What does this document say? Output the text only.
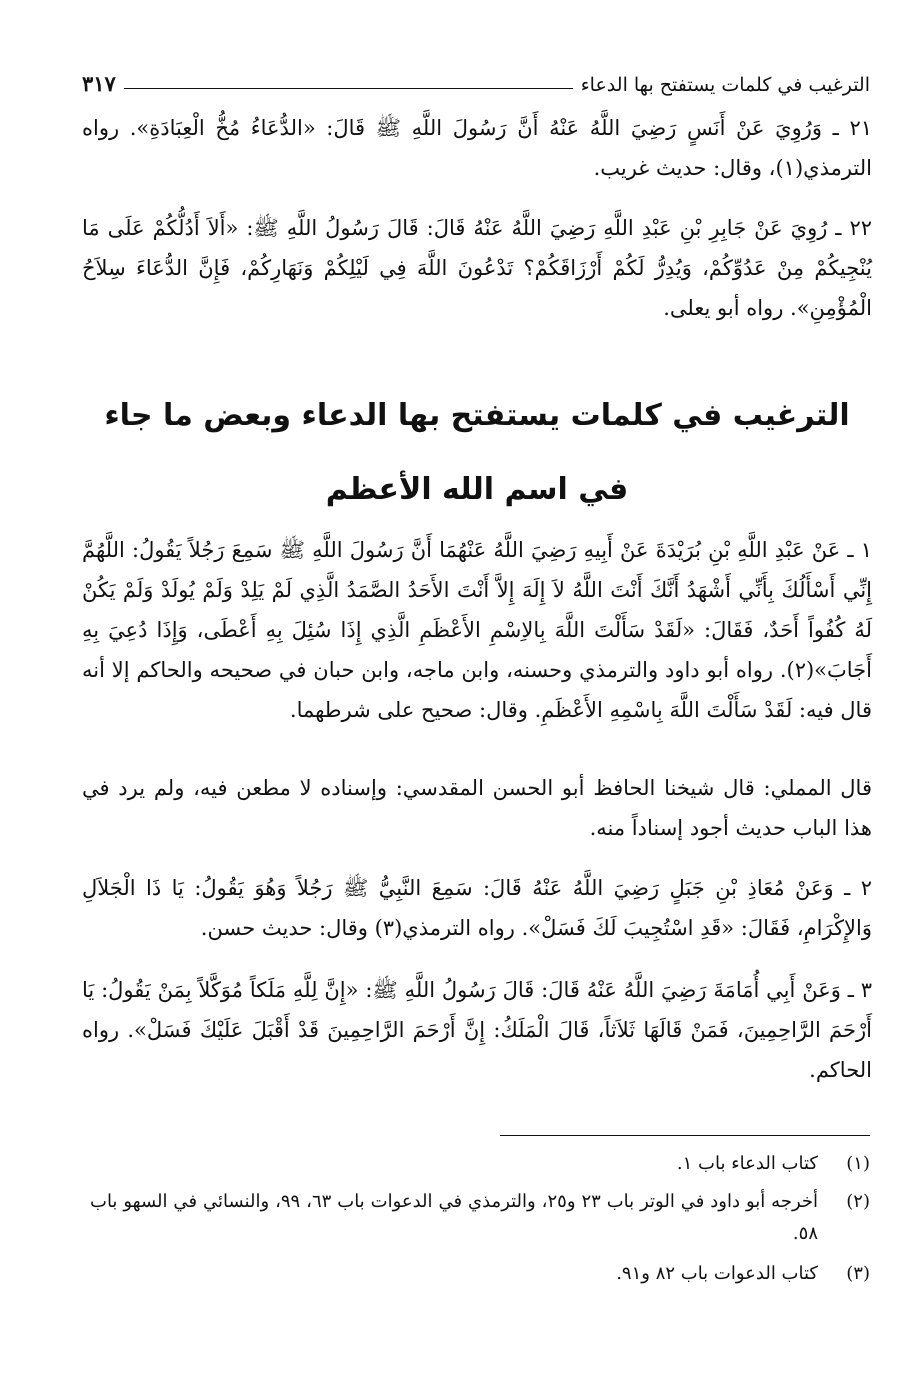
الترغيب في كلمات يستفتح بها الدعاء
٣١٧
٢١ ـ وَرُوِيَ عَنْ أَنَسٍ رَضِيَ اللَّهُ عَنْهُ أَنَّ رَسُولَ اللَّهِ ﷺ قَالَ: «الدُّعَاءُ مُخُّ الْعِبَادَةِ». رواه الترمذي(١)، وقال: حديث غريب.
٢٢ ـ رُوِيَ عَنْ جَابِرِ بْنِ عَبْدِ اللَّهِ رَضِيَ اللَّهُ عَنْهُ قَالَ: قَالَ رَسُولُ اللَّهِ ﷺ: «أَلاَ أَدُلُّكُمْ عَلَى مَا يُنْجِيكُمْ مِنْ عَدُوِّكُمْ، وَيُدِرُّ لَكُمْ أَرْزَاقَكُمْ؟ تَدْعُونَ اللَّهَ فِي لَيْلِكُمْ وَنَهَارِكُمْ، فَإِنَّ الدُّعَاءَ سِلاَحُ الْمُؤْمِنِ». رواه أبو يعلى.
الترغيب في كلمات يستفتح بها الدعاء وبعض ما جاء
في اسم الله الأعظم
١ ـ عَنْ عَبْدِ اللَّهِ بْنِ بُرَيْدَةَ عَنْ أَبِيهِ رَضِيَ اللَّهُ عَنْهُمَا أَنَّ رَسُولَ اللَّهِ ﷺ سَمِعَ رَجُلاً يَقُولُ: اللَّهُمَّ إِنِّي أَسْأَلُكَ بِأَنِّي أَشْهَدُ أَنَّكَ أَنْتَ اللَّهُ لاَ إِلَهَ إِلاَّ أَنْتَ الأَحَدُ الصَّمَدُ الَّذِي لَمْ يَلِدْ وَلَمْ يُولَدْ وَلَمْ يَكُنْ لَهُ كُفُواً أَحَدٌ، فَقَالَ: «لَقَدْ سَأَلْتَ اللَّهَ بِالاِسْمِ الأَعْظَمِ الَّذِي إِذَا سُئِلَ بِهِ أَعْطَى، وَإِذَا دُعِيَ بِهِ أَجَابَ»(٢). رواه أبو داود والترمذي وحسنه، وابن ماجه، وابن حبان في صحيحه والحاكم إلا أنه قال فيه: لَقَدْ سَأَلْتَ اللَّهَ بِاسْمِهِ الأَعْظَمِ. وقال: صحيح على شرطهما.
قال المملي: قال شيخنا الحافظ أبو الحسن المقدسي: وإسناده لا مطعن فيه، ولم يرد في هذا الباب حديث أجود إسناداً منه.
٢ ـ وَعَنْ مُعَاذِ بْنِ جَبَلٍ رَضِيَ اللَّهُ عَنْهُ قَالَ: سَمِعَ النَّبِيُّ ﷺ رَجُلاً وَهُوَ يَقُولُ: يَا ذَا الْجَلاَلِ وَالإِكْرَامِ، فَقَالَ: «قَدِ اسْتُجِيبَ لَكَ فَسَلْ». رواه الترمذي(٣) وقال: حديث حسن.
٣ ـ وَعَنْ أَبِي أُمَامَةَ رَضِيَ اللَّهُ عَنْهُ قَالَ: قَالَ رَسُولُ اللَّهِ ﷺ: «إِنَّ لِلَّهِ مَلَكاً مُوَكَّلاً بِمَنْ يَقُولُ: يَا أَرْحَمَ الرَّاحِمِينَ، فَمَنْ قَالَهَا ثَلاَثاً، قَالَ الْمَلَكُ: إِنَّ أَرْحَمَ الرَّاحِمِينَ قَدْ أَقْبَلَ عَلَيْكَ فَسَلْ». رواه الحاكم.
(١)
كتاب الدعاء باب ١.
(٢)
أخرجه أبو داود في الوتر باب ٢٣ و٢٥، والترمذي في الدعوات باب ٦٣، ٩٩، والنسائي في السهو باب ٥٨.
(٣)
كتاب الدعوات باب ٨٢ و٩١.
